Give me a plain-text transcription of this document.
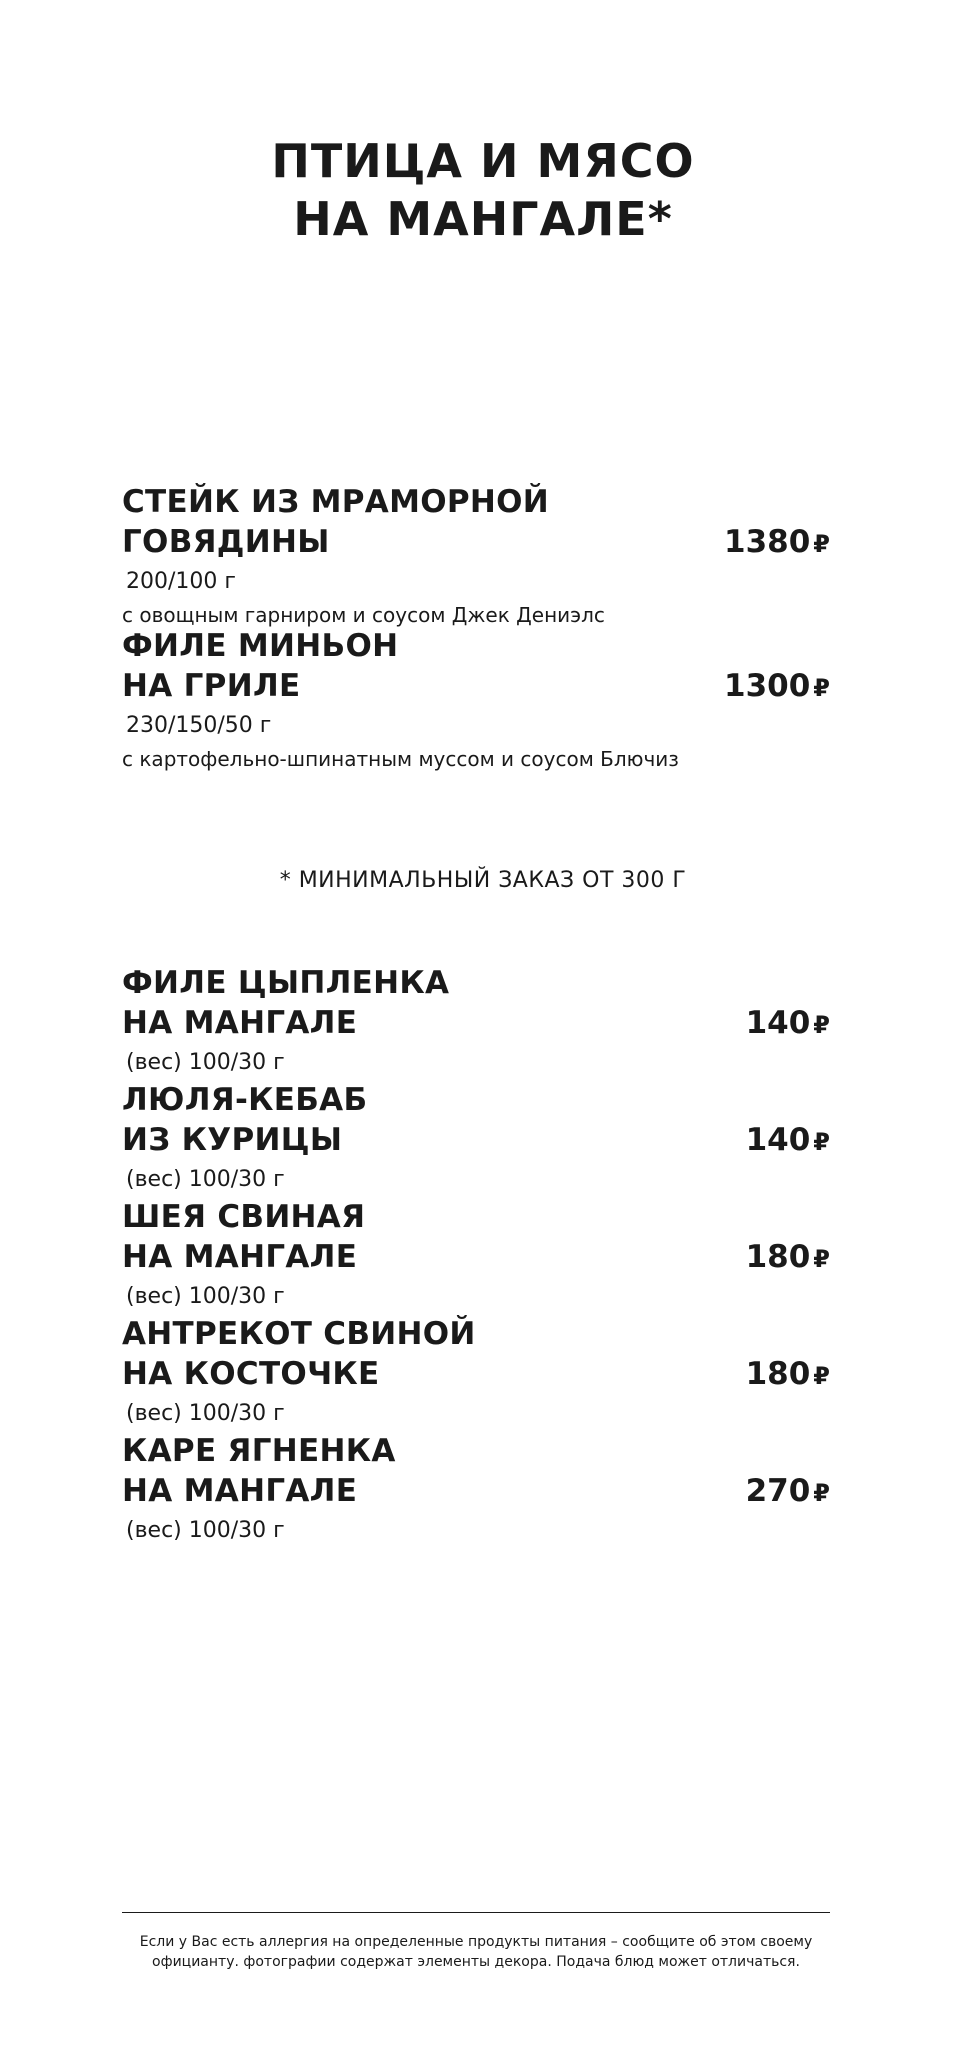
ПТИЦА И МЯСО
НА МАНГАЛЕ*
СТЕЙК ИЗ МРАМОРНОЙ
ГОВЯДИНЫ
200/100 г
с овощным гарниром и соусом Джек Дениэлс
1380 ₽
ФИЛЕ МИНЬОН
НА ГРИЛЕ
230/150/50 г
с картофельно-шпинатным муссом и соусом Блючиз
1300 ₽
* МИНИМАЛЬНЫЙ ЗАКАЗ ОТ 300 Г
ФИЛЕ ЦЫПЛЕНКА
НА МАНГАЛЕ
(вес) 100/30 г
140 ₽
ЛЮЛЯ-КЕБАБ
ИЗ КУРИЦЫ
(вес) 100/30 г
140 ₽
ШЕЯ СВИНАЯ
НА МАНГАЛЕ
(вес) 100/30 г
180 ₽
АНТРЕКОТ СВИНОЙ
НА КОСТОЧКЕ
(вес) 100/30 г
180 ₽
КАРЕ ЯГНЕНКА
НА МАНГАЛЕ
(вес) 100/30 г
270 ₽
Если у Вас есть аллергия на определенные продукты питания – сообщите об этом своему официанту. фотографии содержат элементы декора. Подача блюд может отличаться.
